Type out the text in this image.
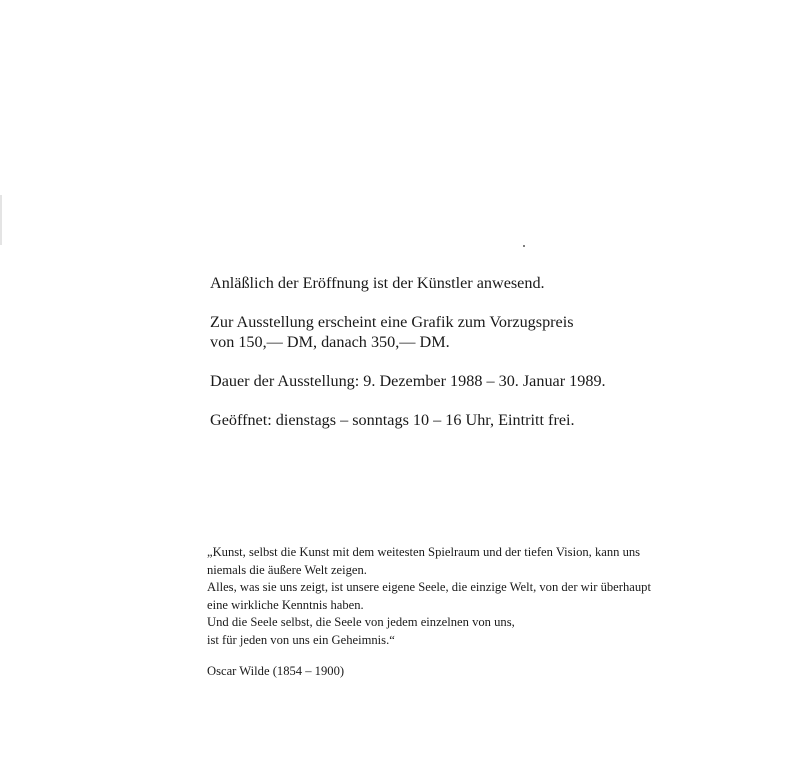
Anläßlich der Eröffnung ist der Künstler anwesend.

Zur Ausstellung erscheint eine Grafik zum Vorzugspreis

von 150,— DM, danach 350,— DM.

Dauer der Ausstellung: 9. Dezember 1988 – 30. Januar 1989.

Geöffnet: dienstags – sonntags 10 – 16 Uhr, Eintritt frei.

„Kunst, selbst die Kunst mit dem weitesten Spielraum und der tiefen Vision, kann uns

niemals die äußere Welt zeigen.

Alles, was sie uns zeigt, ist unsere eigene Seele, die einzige Welt, von der wir überhaupt

eine wirkliche Kenntnis haben.

Und die Seele selbst, die Seele von jedem einzelnen von uns,

ist für jeden von uns ein Geheimnis.“

Oscar Wilde (1854 – 1900)
